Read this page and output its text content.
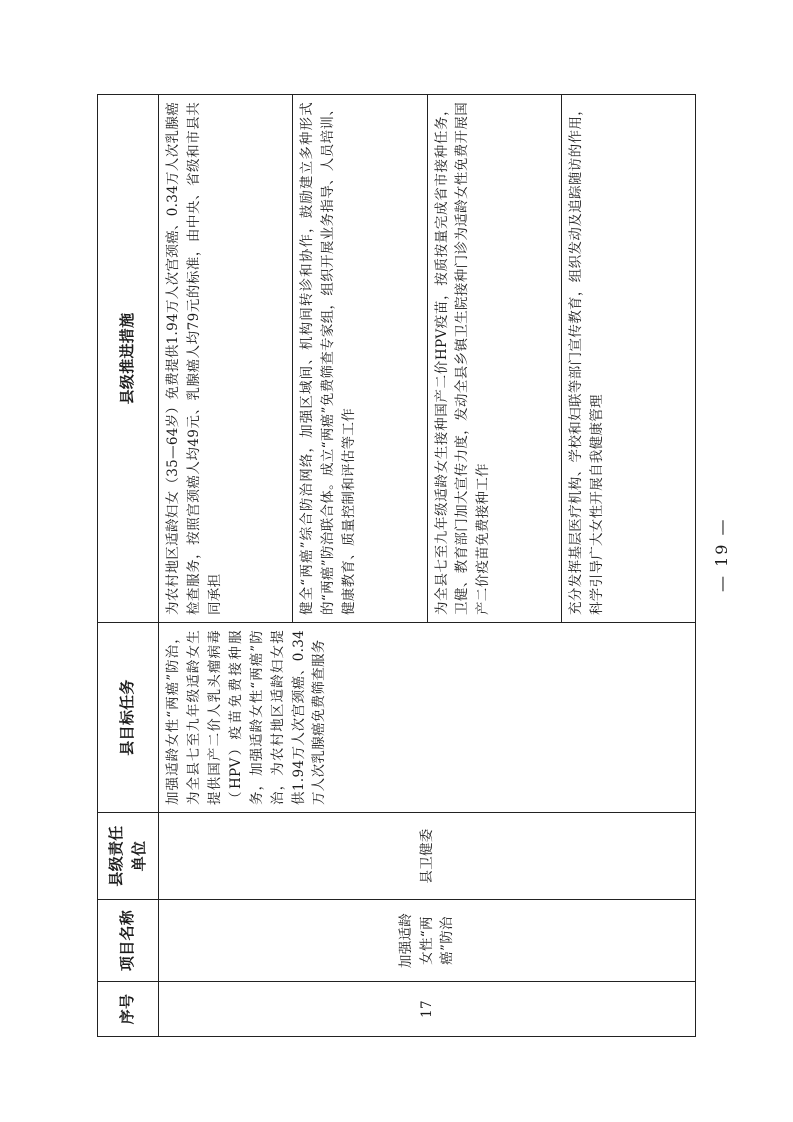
序号	项目名称	县级责任单位	县目标任务	县级推进措施
17	加强适龄女性“两癌”防治	县卫健委	加强适龄女性“两癌”防治，为全县七至九年级适龄女生提供国产二价人乳头瘤病毒（HPV）疫苗免费接种服务，加强适龄女性“两癌”防治，为农村地区适龄妇女提供1.94万人次宫颈癌、0.34万人次乳腺癌免费筛查服务	为农村地区适龄妇女（35—64岁）免费提供1.94万人次宫颈癌、0.34万人次乳腺癌检查服务，按照宫颈癌人均49元、乳腺癌人均79元的标准，由中央、省级和市县共同承担
				健全“两癌”综合防治网络，加强区域间、机构间转诊和协作，鼓励建立多种形式的“两癌”防治联合体。成立“两癌”免费筛查专家组，组织开展业务指导、人员培训、健康教育、质量控制和评估等工作
				为全县七至九年级适龄女生接种国产二价HPV疫苗，按质按量完成省市接种任务，卫健、教育部门加大宣传力度，发动全县乡镇卫生院接种门诊为适龄女性免费开展国产二价疫苗免费接种工作
				充分发挥基层医疗机构、学校和妇联等部门宣传教育，组织发动及追踪随访的作用，科学引导广大女性开展自我健康管理	— 19 —
